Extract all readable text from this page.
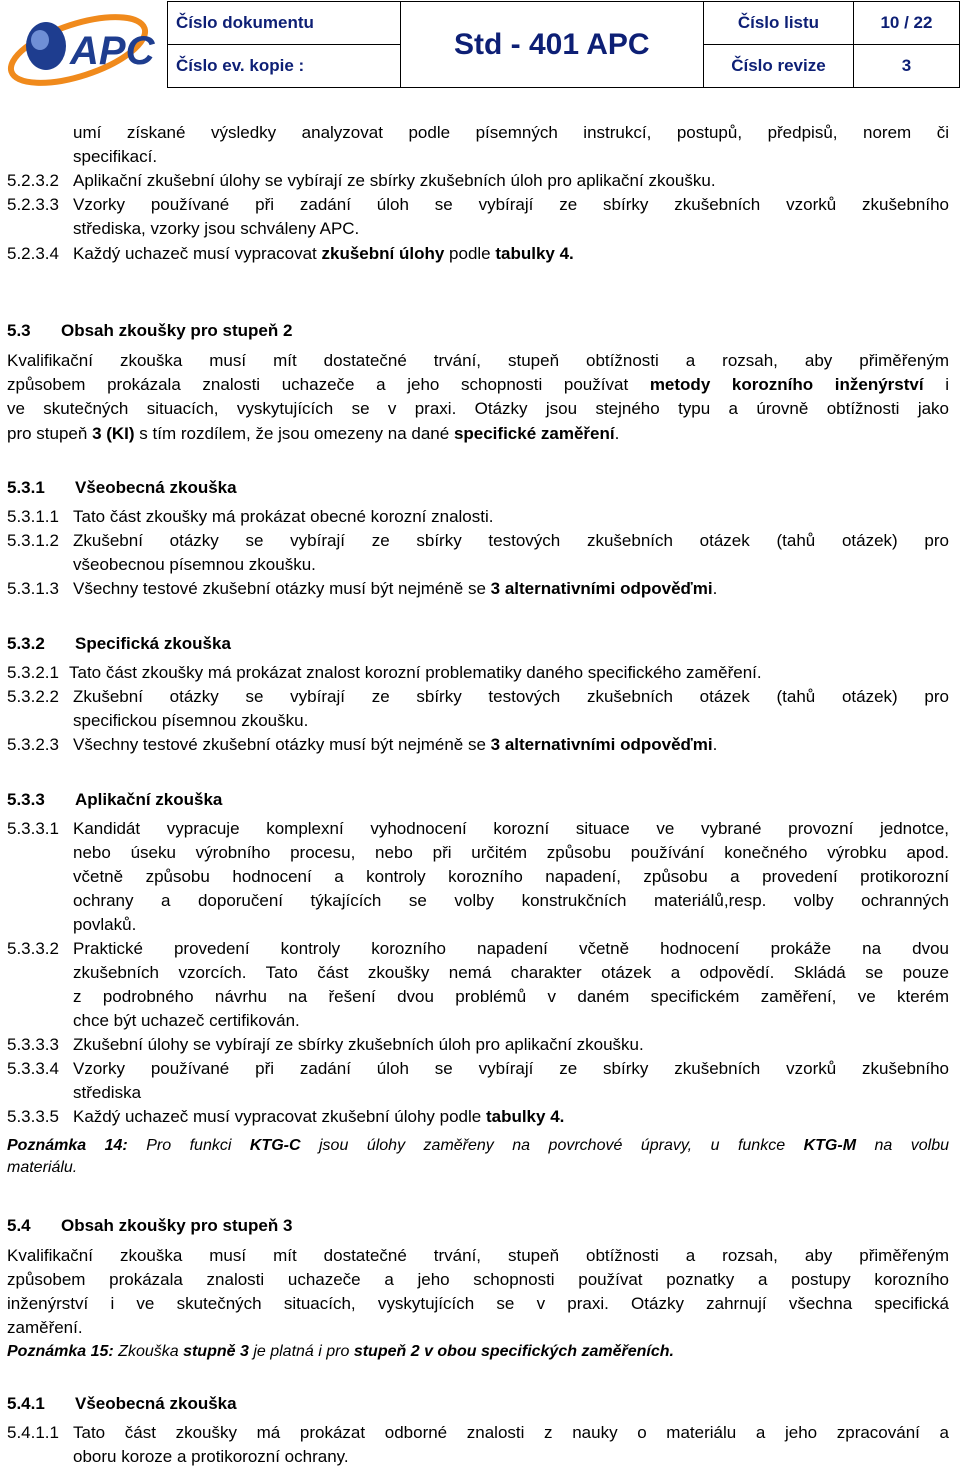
APC
Číslo dokumentu	Std - 401 APC	Číslo listu	10 / 22
Číslo ev. kopie :		Číslo revize	3
umí získané výsledky analyzovat podle písemných instrukcí, postupů, předpisů, norem či
specifikací.
5.2.3.2 Aplikační zkušební úlohy se vybírají ze sbírky zkušebních úloh pro aplikační zkoušku.
5.2.3.3 Vzorky používané při zadání úloh se vybírají ze sbírky zkušebních vzorků zkušebního
střediska, vzorky jsou schváleny APC.
5.2.3.4 Každý uchazeč musí vypracovat zkušební úlohy podle tabulky 4.
5.3 Obsah zkoušky pro stupeň 2
Kvalifikační zkouška musí mít dostatečné trvání, stupeň obtížnosti a rozsah, aby přiměřeným
způsobem prokázala znalosti uchazeče a jeho schopnosti používat metody korozního inženýrství i
ve skutečných situacích, vyskytujících se v praxi. Otázky jsou stejného typu a úrovně obtížnosti jako
pro stupeň 3 (KI) s tím rozdílem, že jsou omezeny na dané specifické zaměření.
5.3.1 Všeobecná zkouška
5.3.1.1 Tato část zkoušky má prokázat obecné korozní znalosti.
5.3.1.2 Zkušební otázky se vybírají ze sbírky testových zkušebních otázek (tahů otázek) pro
všeobecnou písemnou zkoušku.
5.3.1.3 Všechny testové zkušební otázky musí být nejméně se 3 alternativními odpověďmi.
5.3.2 Specifická zkouška
5.3.2.1 Tato část zkoušky má prokázat znalost korozní problematiky daného specifického zaměření.
5.3.2.2 Zkušební otázky se vybírají ze sbírky testových zkušebních otázek (tahů otázek) pro
specifickou písemnou zkoušku.
5.3.2.3 Všechny testové zkušební otázky musí být nejméně se 3 alternativními odpověďmi.
5.3.3 Aplikační zkouška
5.3.3.1 Kandidát vypracuje komplexní vyhodnocení korozní situace ve vybrané provozní jednotce,
nebo úseku výrobního procesu, nebo při určitém způsobu používání konečného výrobku apod.
včetně způsobu hodnocení a kontroly korozního napadení, způsobu a provedení protikorozní
ochrany a doporučení týkajících se volby konstrukčních materiálů,resp. volby ochranných
povlaků.
5.3.3.2 Praktické provedení kontroly korozního napadení včetně hodnocení prokáže na dvou
zkušebních vzorcích. Tato část zkoušky nemá charakter otázek a odpovědí. Skládá se pouze
z podrobného návrhu na řešení dvou problémů v daném specifickém zaměření, ve kterém
chce být uchazeč certifikován.
5.3.3.3 Zkušební úlohy se vybírají ze sbírky zkušebních úloh pro aplikační zkoušku.
5.3.3.4 Vzorky používané při zadání úloh se vybírají ze sbírky zkušebních vzorků zkušebního
střediska
5.3.3.5 Každý uchazeč musí vypracovat zkušební úlohy podle tabulky 4.
Poznámka 14: Pro funkci KTG-C jsou úlohy zaměřeny na povrchové úpravy, u funkce KTG-M na volbu
materiálu.
5.4 Obsah zkoušky pro stupeň 3
Kvalifikační zkouška musí mít dostatečné trvání, stupeň obtížnosti a rozsah, aby přiměřeným
způsobem prokázala znalosti uchazeče a jeho schopnosti používat poznatky a postupy korozního
inženýrství i ve skutečných situacích, vyskytujících se v praxi. Otázky zahrnují všechna specifická
zaměření.
Poznámka 15: Zkouška stupně 3 je platná i pro stupeň 2 v obou specifických zaměřeních.
5.4.1 Všeobecná zkouška
5.4.1.1 Tato část zkoušky má prokázat odborné znalosti z nauky o materiálu a jeho zpracování a
oboru koroze a protikorozní ochrany.
